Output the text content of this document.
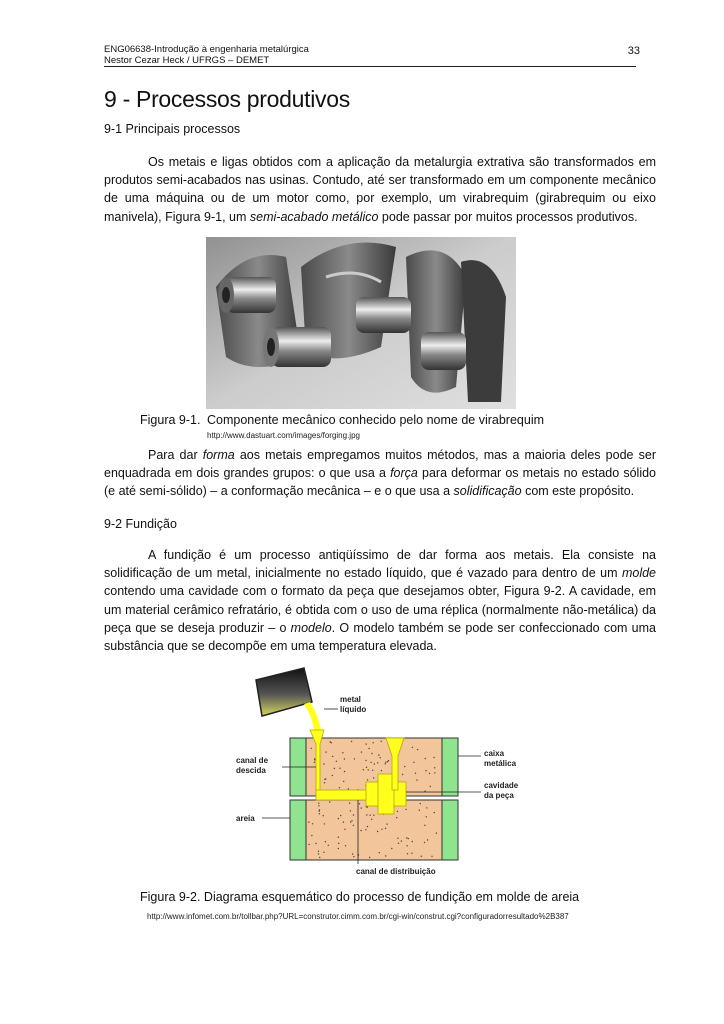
ENG06638-Introdução à engenharia metalúrgica
Nestor Cezar Heck / UFRGS – DEMET
33
9 - Processos produtivos
9-1 Principais processos
Os metais e ligas obtidos com a aplicação da metalurgia extrativa são transformados em produtos semi-acabados nas usinas. Contudo, até ser transformado em um componente mecânico de uma máquina ou de um motor como, por exemplo, um virabrequim (girabrequim ou eixo manivela), Figura 9-1, um semi-acabado metálico pode passar por muitos processos produtivos.
Figura 9-1. Componente mecânico conhecido pelo nome de virabrequim
http://www.dastuart.com/images/forging.jpg
Para dar forma aos metais empregamos muitos métodos, mas a maioria deles pode ser enquadrada em dois grandes grupos: o que usa a força para deformar os metais no estado sólido (e até semi-sólido) – a conformação mecânica – e o que usa a solidificação com este propósito.
9-2 Fundição
A fundição é um processo antiqüíssimo de dar forma aos metais. Ela consiste na solidificação de um metal, inicialmente no estado líquido, que é vazado para dentro de um molde contendo uma cavidade com o formato da peça que desejamos obter, Figura 9-2. A cavidade, em um material cerâmico refratário, é obtida com o uso de uma réplica (normalmente não-metálica) da peça que se deseja produzir – o modelo. O modelo também se pode ser confeccionado com uma substância que se decompõe em uma temperatura elevada.
metal
líquido
canal de
descida
areia
caixa
metálica
cavidade
da peça
canal de distribuição
Figura 9-2. Diagrama esquemático do processo de fundição em molde de areia
http://www.infomet.com.br/tollbar.php?URL=construtor.cimm.com.br/cgi-win/construt.cgi?configuradorresultado%2B387
